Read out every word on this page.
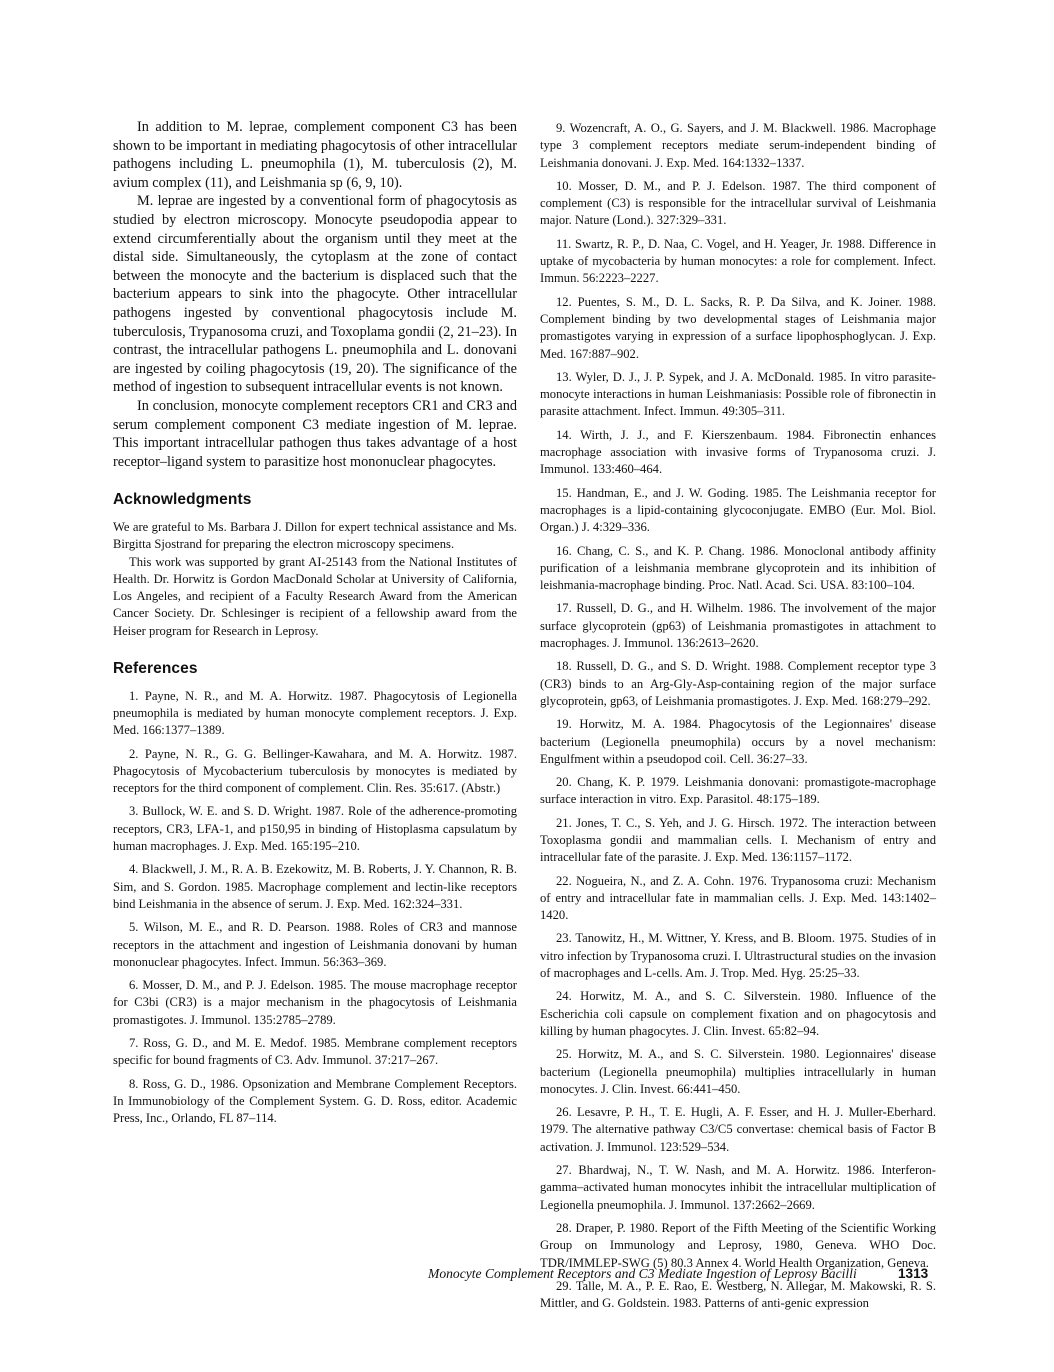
In addition to M. leprae, complement component C3 has been shown to be important in mediating phagocytosis of other intracellular pathogens including L. pneumophila (1), M. tuberculosis (2), M. avium complex (11), and Leishmania sp (6, 9, 10).

M. leprae are ingested by a conventional form of phagocytosis as studied by electron microscopy. Monocyte pseudopodia appear to extend circumferentially about the organism until they meet at the distal side. Simultaneously, the cytoplasm at the zone of contact between the monocyte and the bacterium is displaced such that the bacterium appears to sink into the phagocyte. Other intracellular pathogens ingested by conventional phagocytosis include M. tuberculosis, Trypanosoma cruzi, and Toxoplama gondii (2, 21–23). In contrast, the intracellular pathogens L. pneumophila and L. donovani are ingested by coiling phagocytosis (19, 20). The significance of the method of ingestion to subsequent intracellular events is not known.

In conclusion, monocyte complement receptors CR1 and CR3 and serum complement component C3 mediate ingestion of M. leprae. This important intracellular pathogen thus takes advantage of a host receptor–ligand system to parasitize host mononuclear phagocytes.

Acknowledgments

We are grateful to Ms. Barbara J. Dillon for expert technical assistance and Ms. Birgitta Sjostrand for preparing the electron microscopy specimens.

This work was supported by grant AI-25143 from the National Institutes of Health. Dr. Horwitz is Gordon MacDonald Scholar at University of California, Los Angeles, and recipient of a Faculty Research Award from the American Cancer Society. Dr. Schlesinger is recipient of a fellowship award from the Heiser program for Research in Leprosy.

References

1. Payne, N. R., and M. A. Horwitz. 1987. Phagocytosis of Legionella pneumophila is mediated by human monocyte complement receptors. J. Exp. Med. 166:1377–1389.

2. Payne, N. R., G. G. Bellinger-Kawahara, and M. A. Horwitz. 1987. Phagocytosis of Mycobacterium tuberculosis by monocytes is mediated by receptors for the third component of complement. Clin. Res. 35:617. (Abstr.)

3. Bullock, W. E. and S. D. Wright. 1987. Role of the adherence-promoting receptors, CR3, LFA-1, and p150,95 in binding of Histoplasma capsulatum by human macrophages. J. Exp. Med. 165:195–210.

4. Blackwell, J. M., R. A. B. Ezekowitz, M. B. Roberts, J. Y. Channon, R. B. Sim, and S. Gordon. 1985. Macrophage complement and lectin-like receptors bind Leishmania in the absence of serum. J. Exp. Med. 162:324–331.

5. Wilson, M. E., and R. D. Pearson. 1988. Roles of CR3 and mannose receptors in the attachment and ingestion of Leishmania donovani by human mononuclear phagocytes. Infect. Immun. 56:363–369.

6. Mosser, D. M., and P. J. Edelson. 1985. The mouse macrophage receptor for C3bi (CR3) is a major mechanism in the phagocytosis of Leishmania promastigotes. J. Immunol. 135:2785–2789.

7. Ross, G. D., and M. E. Medof. 1985. Membrane complement receptors specific for bound fragments of C3. Adv. Immunol. 37:217–267.

8. Ross, G. D., 1986. Opsonization and Membrane Complement Receptors. In Immunobiology of the Complement System. G. D. Ross, editor. Academic Press, Inc., Orlando, FL 87–114.

9. Wozencraft, A. O., G. Sayers, and J. M. Blackwell. 1986. Macrophage type 3 complement receptors mediate serum-independent binding of Leishmania donovani. J. Exp. Med. 164:1332–1337.

10. Mosser, D. M., and P. J. Edelson. 1987. The third component of complement (C3) is responsible for the intracellular survival of Leishmania major. Nature (Lond.). 327:329–331.

11. Swartz, R. P., D. Naa, C. Vogel, and H. Yeager, Jr. 1988. Difference in uptake of mycobacteria by human monocytes: a role for complement. Infect. Immun. 56:2223–2227.

12. Puentes, S. M., D. L. Sacks, R. P. Da Silva, and K. Joiner. 1988. Complement binding by two developmental stages of Leishmania major promastigotes varying in expression of a surface lipophosphoglycan. J. Exp. Med. 167:887–902.

13. Wyler, D. J., J. P. Sypek, and J. A. McDonald. 1985. In vitro parasite-monocyte interactions in human Leishmaniasis: Possible role of fibronectin in parasite attachment. Infect. Immun. 49:305–311.

14. Wirth, J. J., and F. Kierszenbaum. 1984. Fibronectin enhances macrophage association with invasive forms of Trypanosoma cruzi. J. Immunol. 133:460–464.

15. Handman, E., and J. W. Goding. 1985. The Leishmania receptor for macrophages is a lipid-containing glycoconjugate. EMBO (Eur. Mol. Biol. Organ.) J. 4:329–336.

16. Chang, C. S., and K. P. Chang. 1986. Monoclonal antibody affinity purification of a leishmania membrane glycoprotein and its inhibition of leishmania-macrophage binding. Proc. Natl. Acad. Sci. USA. 83:100–104.

17. Russell, D. G., and H. Wilhelm. 1986. The involvement of the major surface glycoprotein (gp63) of Leishmania promastigotes in attachment to macrophages. J. Immunol. 136:2613–2620.

18. Russell, D. G., and S. D. Wright. 1988. Complement receptor type 3 (CR3) binds to an Arg-Gly-Asp-containing region of the major surface glycoprotein, gp63, of Leishmania promastigotes. J. Exp. Med. 168:279–292.

19. Horwitz, M. A. 1984. Phagocytosis of the Legionnaires' disease bacterium (Legionella pneumophila) occurs by a novel mechanism: Engulfment within a pseudopod coil. Cell. 36:27–33.

20. Chang, K. P. 1979. Leishmania donovani: promastigote-macrophage surface interaction in vitro. Exp. Parasitol. 48:175–189.

21. Jones, T. C., S. Yeh, and J. G. Hirsch. 1972. The interaction between Toxoplasma gondii and mammalian cells. I. Mechanism of entry and intracellular fate of the parasite. J. Exp. Med. 136:1157–1172.

22. Nogueira, N., and Z. A. Cohn. 1976. Trypanosoma cruzi: Mechanism of entry and intracellular fate in mammalian cells. J. Exp. Med. 143:1402–1420.

23. Tanowitz, H., M. Wittner, Y. Kress, and B. Bloom. 1975. Studies of in vitro infection by Trypanosoma cruzi. I. Ultrastructural studies on the invasion of macrophages and L-cells. Am. J. Trop. Med. Hyg. 25:25–33.

24. Horwitz, M. A., and S. C. Silverstein. 1980. Influence of the Escherichia coli capsule on complement fixation and on phagocytosis and killing by human phagocytes. J. Clin. Invest. 65:82–94.

25. Horwitz, M. A., and S. C. Silverstein. 1980. Legionnaires' disease bacterium (Legionella pneumophila) multiplies intracellularly in human monocytes. J. Clin. Invest. 66:441–450.

26. Lesavre, P. H., T. E. Hugli, A. F. Esser, and H. J. Muller-Eberhard. 1979. The alternative pathway C3/C5 convertase: chemical basis of Factor B activation. J. Immunol. 123:529–534.

27. Bhardwaj, N., T. W. Nash, and M. A. Horwitz. 1986. Interferon-gamma–activated human monocytes inhibit the intracellular multiplication of Legionella pneumophila. J. Immunol. 137:2662–2669.

28. Draper, P. 1980. Report of the Fifth Meeting of the Scientific Working Group on Immunology and Leprosy, 1980, Geneva. WHO Doc. TDR/IMMLEP-SWG (5) 80.3 Annex 4. World Health Organization, Geneva.

29. Talle, M. A., P. E. Rao, E. Westberg, N. Allegar, M. Makowski, R. S. Mittler, and G. Goldstein. 1983. Patterns of anti-genic expression

Monocyte Complement Receptors and C3 Mediate Ingestion of Leprosy Bacilli	1313
